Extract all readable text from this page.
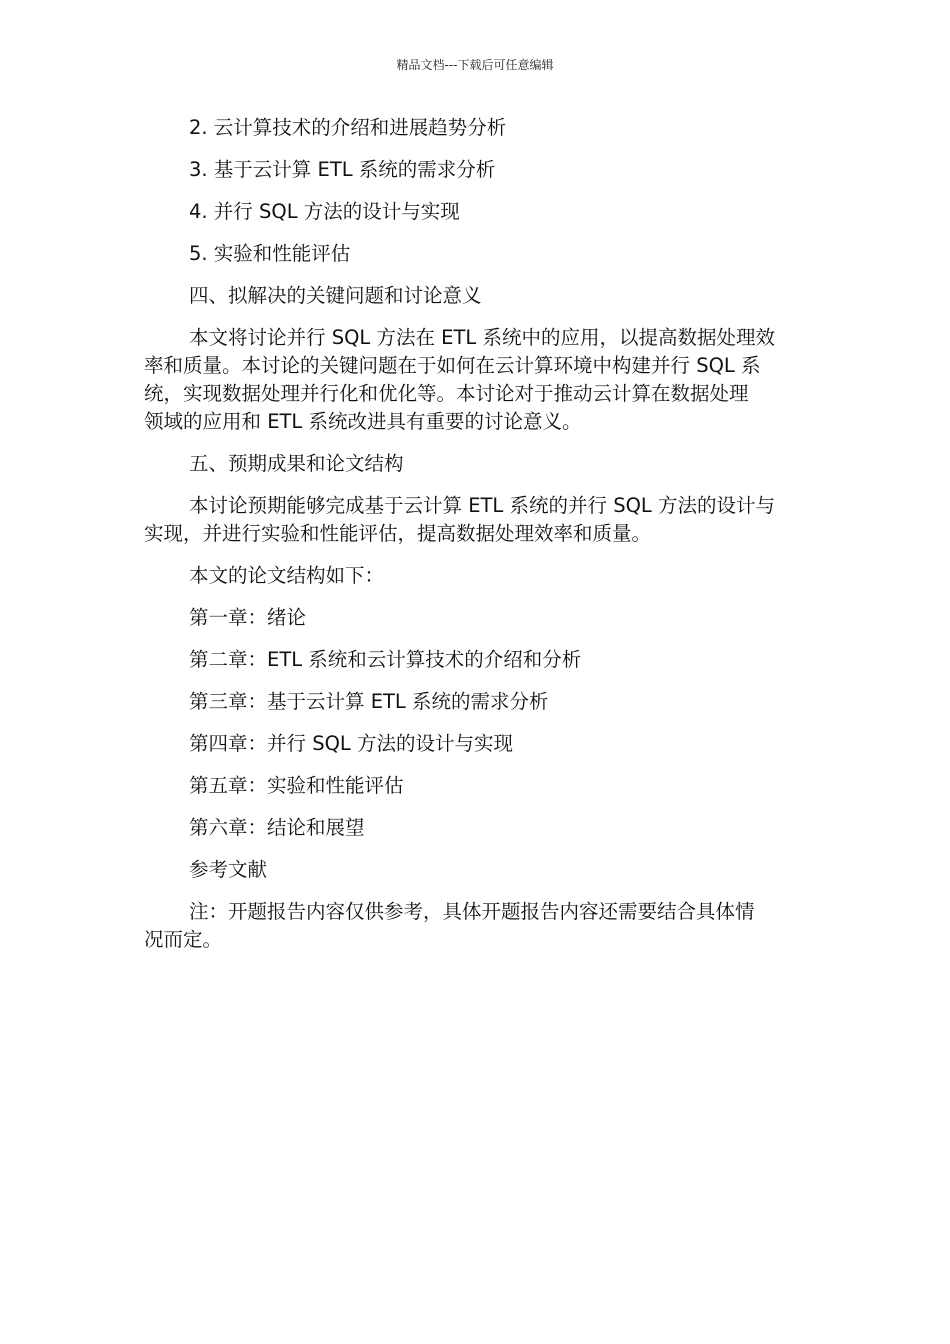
精品文档---下载后可任意编辑
2. 云计算技术的介绍和进展趋势分析
3. 基于云计算 ETL 系统的需求分析
4. 并行 SQL 方法的设计与实现
5. 实验和性能评估
四、拟解决的关键问题和讨论意义
本文将讨论并行 SQL 方法在 ETL 系统中的应用，以提高数据处理效
率和质量。本讨论的关键问题在于如何在云计算环境中构建并行 SQL 系
统，实现数据处理并行化和优化等。本讨论对于推动云计算在数据处理
领域的应用和 ETL 系统改进具有重要的讨论意义。
五、预期成果和论文结构
本讨论预期能够完成基于云计算 ETL 系统的并行 SQL 方法的设计与
实现，并进行实验和性能评估，提高数据处理效率和质量。
本文的论文结构如下：
第一章：绪论
第二章：ETL 系统和云计算技术的介绍和分析
第三章：基于云计算 ETL 系统的需求分析
第四章：并行 SQL 方法的设计与实现
第五章：实验和性能评估
第六章：结论和展望
参考文献
注：开题报告内容仅供参考，具体开题报告内容还需要结合具体情
况而定。
